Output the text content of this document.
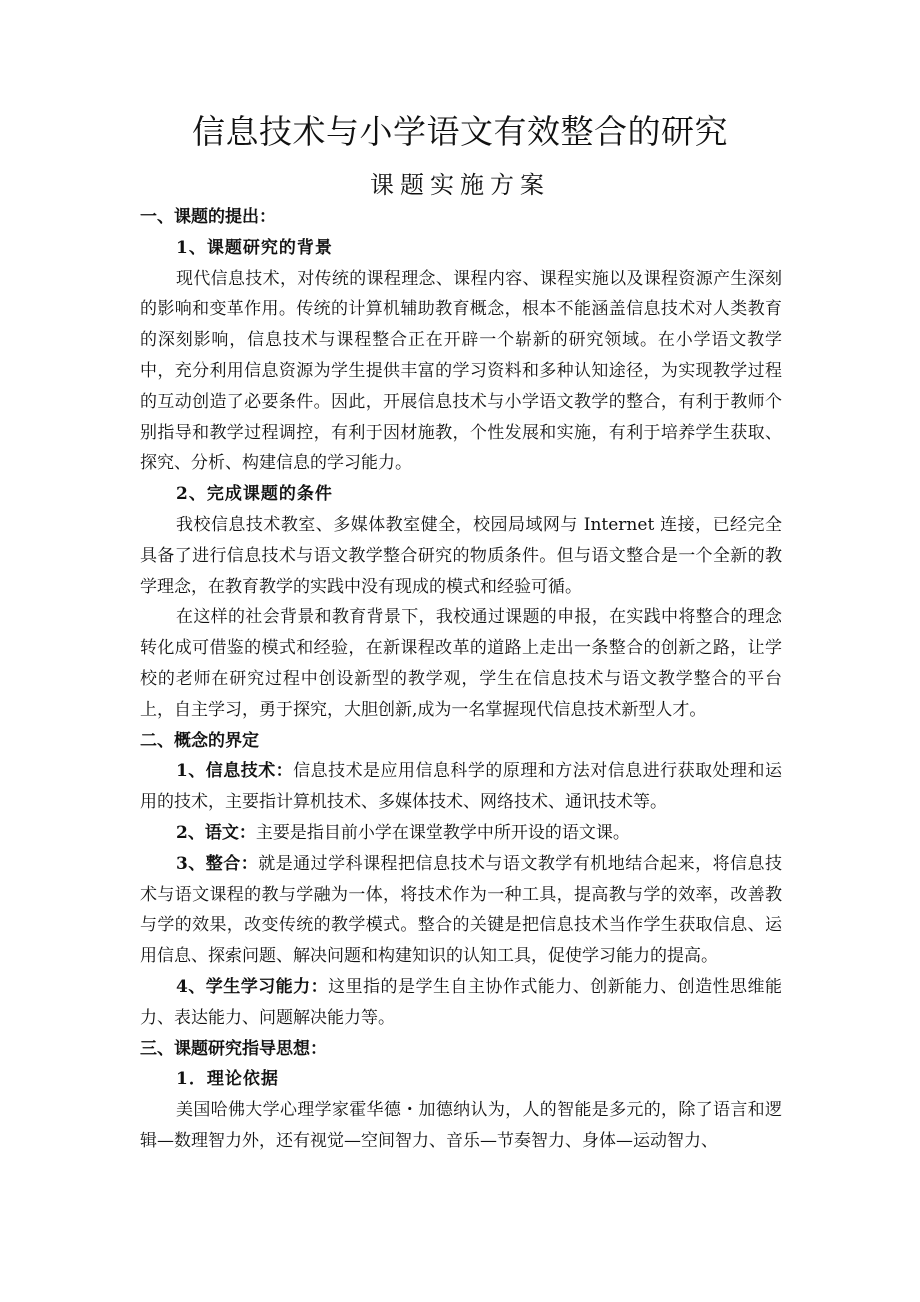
信息技术与小学语文有效整合的研究
课题实施方案

一、课题的提出：

1、课题研究的背景

现代信息技术，对传统的课程理念、课程内容、课程实施以及课程资源产生深刻的影响和变革作用。传统的计算机辅助教育概念，根本不能涵盖信息技术对人类教育的深刻影响，信息技术与课程整合正在开辟一个崭新的研究领域。在小学语文教学中，充分利用信息资源为学生提供丰富的学习资料和多种认知途径，为实现教学过程的互动创造了必要条件。因此，开展信息技术与小学语文教学的整合，有利于教师个别指导和教学过程调控，有利于因材施教，个性发展和实施，有利于培养学生获取、探究、分析、构建信息的学习能力。

2、完成课题的条件

我校信息技术教室、多媒体教室健全，校园局域网与 Internet 连接，已经完全具备了进行信息技术与语文教学整合研究的物质条件。但与语文整合是一个全新的教学理念，在教育教学的实践中没有现成的模式和经验可循。

在这样的社会背景和教育背景下，我校通过课题的申报，在实践中将整合的理念转化成可借鉴的模式和经验，在新课程改革的道路上走出一条整合的创新之路，让学校的老师在研究过程中创设新型的教学观，学生在信息技术与语文教学整合的平台上，自主学习，勇于探究，大胆创新,成为一名掌握现代信息技术新型人才。

二、概念的界定

1、信息技术：信息技术是应用信息科学的原理和方法对信息进行获取处理和运用的技术，主要指计算机技术、多媒体技术、网络技术、通讯技术等。

2、语文：主要是指目前小学在课堂教学中所开设的语文课。

3、整合：就是通过学科课程把信息技术与语文教学有机地结合起来，将信息技术与语文课程的教与学融为一体，将技术作为一种工具，提高教与学的效率，改善教与学的效果，改变传统的教学模式。整合的关键是把信息技术当作学生获取信息、运用信息、探索问题、解决问题和构建知识的认知工具，促使学习能力的提高。

4、学生学习能力：这里指的是学生自主协作式能力、创新能力、创造性思维能力、表达能力、问题解决能力等。

三、课题研究指导思想：

1．理论依据

美国哈佛大学心理学家霍华德・加德纳认为，人的智能是多元的，除了语言和逻辑—数理智力外，还有视觉—空间智力、音乐—节奏智力、身体—运动智力、
